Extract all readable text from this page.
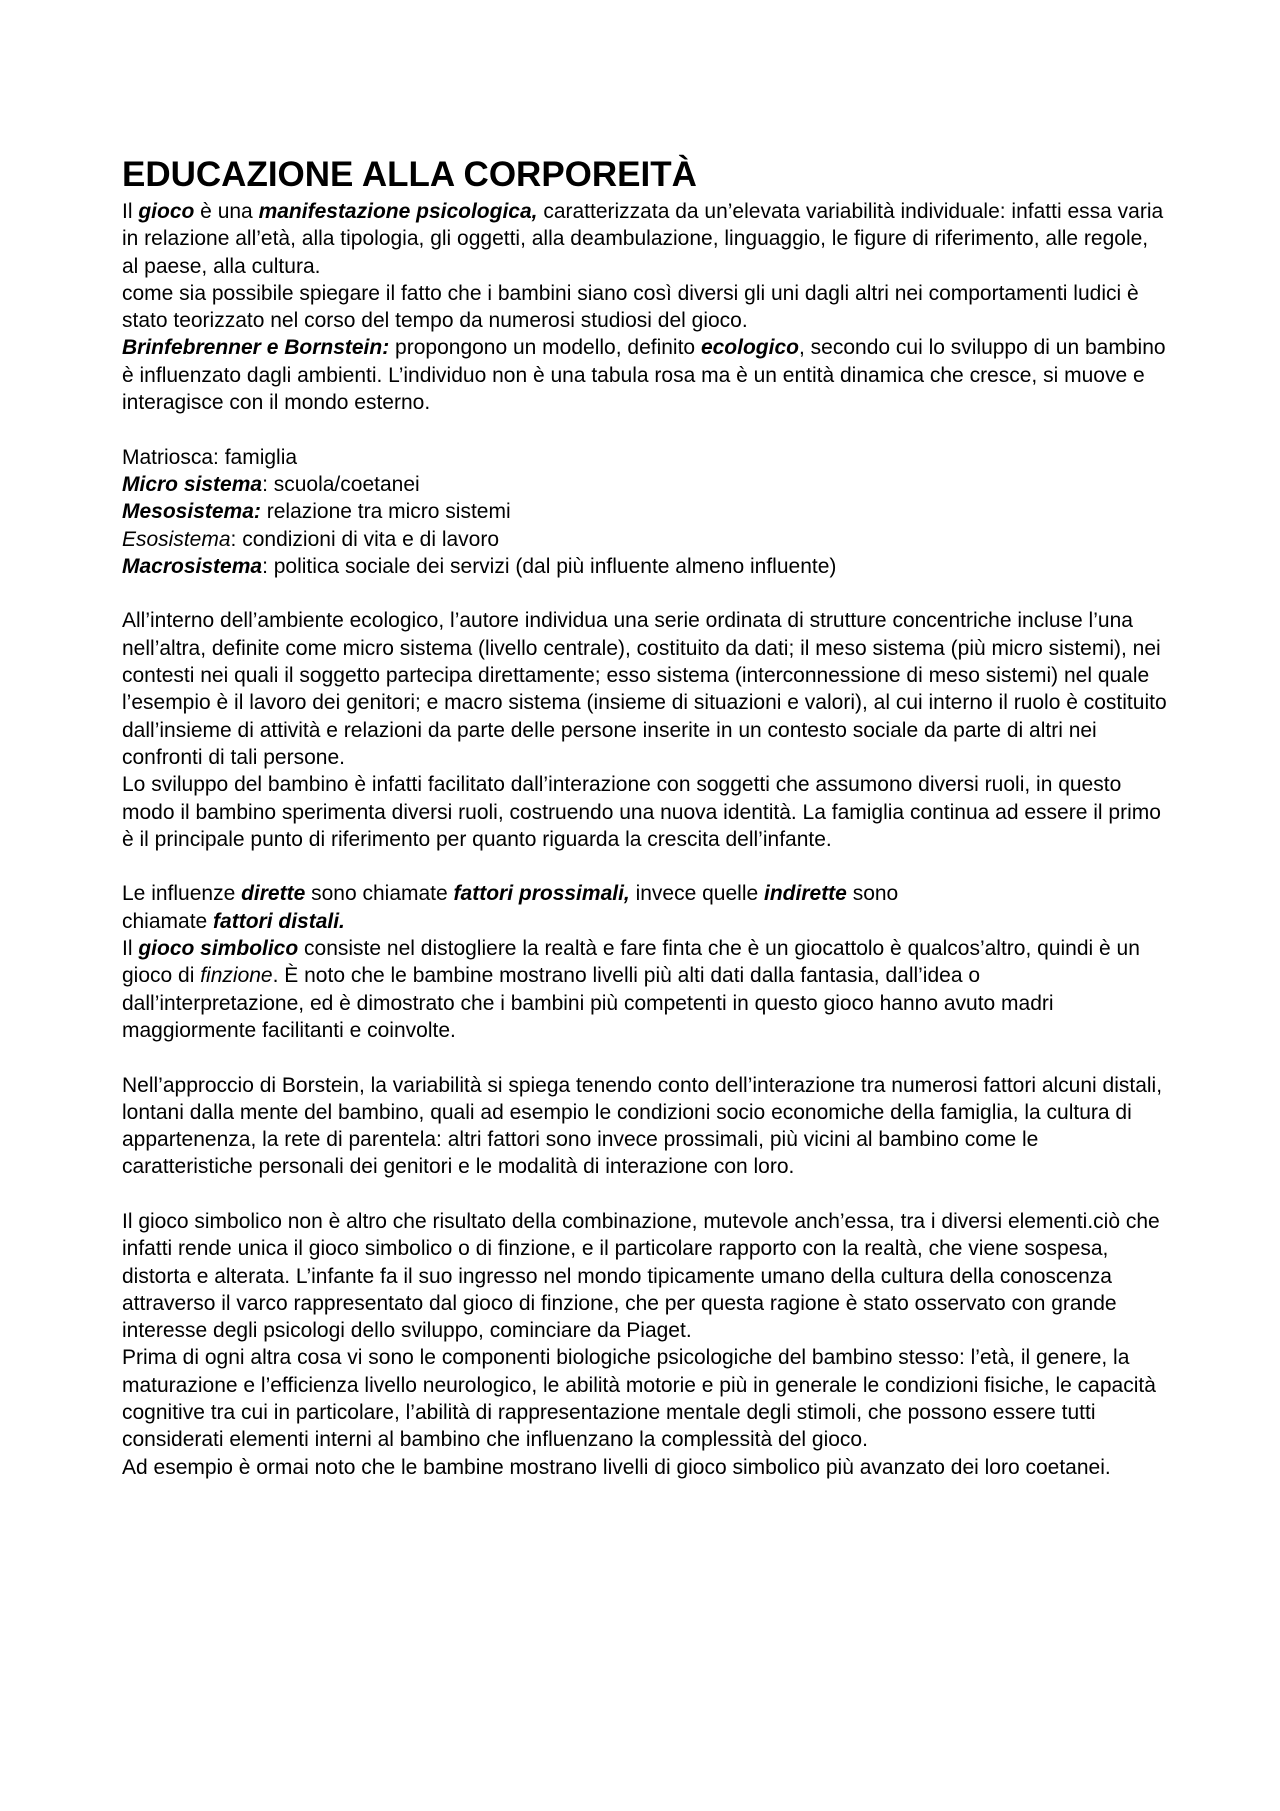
EDUCAZIONE ALLA CORPOREITÀ

Il gioco è una manifestazione psicologica, caratterizzata da un’elevata variabilità individuale: infatti essa varia in relazione all’età, alla tipologia, gli oggetti, alla deambulazione, linguaggio, le figure di riferimento, alle regole, al paese, alla cultura.

come sia possibile spiegare il fatto che i bambini siano così diversi gli uni dagli altri nei comportamenti ludici è stato teorizzato nel corso del tempo da numerosi studiosi del gioco.

Brinfebrenner e Bornstein: propongono un modello, definito ecologico, secondo cui lo sviluppo di un bambino è influenzato dagli ambienti. L’individuo non è una tabula rosa ma è un entità dinamica che cresce, si muove e interagisce con il mondo esterno.

Matriosca: famiglia

Micro sistema: scuola/coetanei

Mesosistema: relazione tra micro sistemi

Esosistema: condizioni di vita e di lavoro

Macrosistema: politica sociale dei servizi (dal più influente almeno influente)

All’interno dell’ambiente ecologico, l’autore individua una serie ordinata di strutture concentriche incluse l’una nell’altra, definite come micro sistema (livello centrale), costituito da dati; il meso sistema (più micro sistemi), nei contesti nei quali il soggetto partecipa direttamente; esso sistema (interconnessione di meso sistemi) nel quale l’esempio è il lavoro dei genitori; e macro sistema (insieme di situazioni e valori), al cui interno il ruolo è costituito dall’insieme di attività e relazioni da parte delle persone inserite in un contesto sociale da parte di altri nei confronti di tali persone.

Lo sviluppo del bambino è infatti facilitato dall’interazione con soggetti che assumono diversi ruoli, in questo modo il bambino sperimenta diversi ruoli, costruendo una nuova identità. La famiglia continua ad essere il primo è il principale punto di riferimento per quanto riguarda la crescita dell’infante.

Le influenze dirette sono chiamate fattori prossimali, invece quelle indirette sono

chiamate fattori distali.

Il gioco simbolico consiste nel distogliere la realtà e fare finta che è un giocattolo è qualcos’altro, quindi è un gioco di finzione. È noto che le bambine mostrano livelli più alti dati dalla fantasia, dall’idea o dall’interpretazione, ed è dimostrato che i bambini più competenti in questo gioco hanno avuto madri maggiormente facilitanti e coinvolte.

Nell’approccio di Borstein, la variabilità si spiega tenendo conto dell’interazione tra numerosi fattori alcuni distali, lontani dalla mente del bambino, quali ad esempio le condizioni socio economiche della famiglia, la cultura di appartenenza, la rete di parentela: altri fattori sono invece prossimali, più vicini al bambino come le caratteristiche personali dei genitori e le modalità di interazione con loro.

Il gioco simbolico non è altro che risultato della combinazione, mutevole anch’essa, tra i diversi elementi.ciò che infatti rende unica il gioco simbolico o di finzione, e il particolare rapporto con la realtà, che viene sospesa, distorta e alterata. L’infante fa il suo ingresso nel mondo tipicamente umano della cultura della conoscenza attraverso il varco rappresentato dal gioco di finzione, che per questa ragione è stato osservato con grande interesse degli psicologi dello sviluppo, cominciare da Piaget.

Prima di ogni altra cosa vi sono le componenti biologiche psicologiche del bambino stesso: l’età, il genere, la maturazione e l’efficienza livello neurologico, le abilità motorie e più in generale le condizioni fisiche, le capacità cognitive tra cui in particolare, l’abilità di rappresentazione mentale degli stimoli, che possono essere tutti considerati elementi interni al bambino che influenzano la complessità del gioco.

Ad esempio è ormai noto che le bambine mostrano livelli di gioco simbolico più avanzato dei loro coetanei.
